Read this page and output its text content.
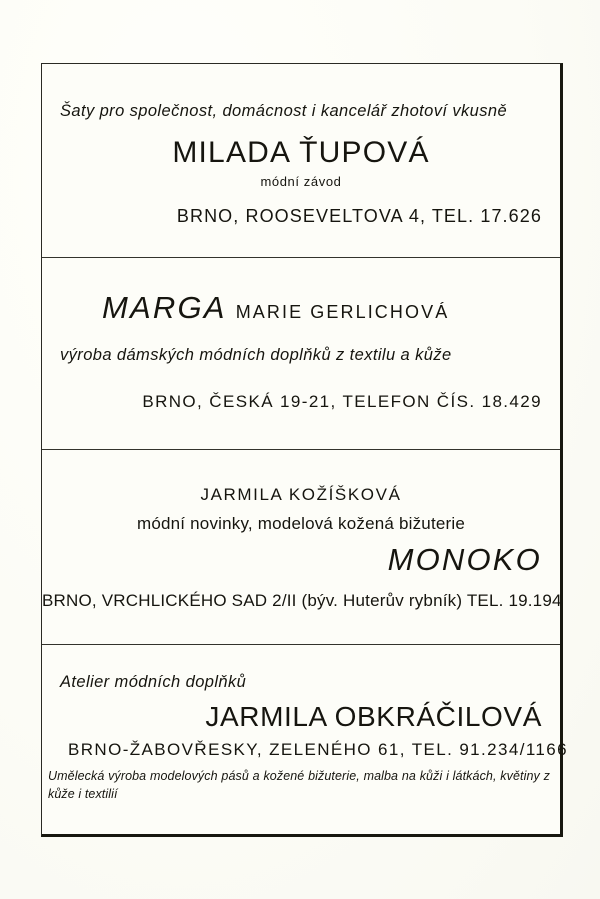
Šaty pro společnost, domácnost i kancelář zhotoví vkusně
MILADA ŤUPOVÁ
módní závod
BRNO, ROOSEVELTOVA 4, TEL. 17.626
MARGA MARIE GERLICHOVÁ
výroba dámských módních doplňků z textilu a kůže
BRNO, ČESKÁ 19-21, TELEFON ČÍS. 18.429
JARMILA KOŽÍŠKOVÁ
módní novinky, modelová kožená bižuterie
MONOKO
BRNO, VRCHLICKÉHO SAD 2/II (býv. Huterův rybník) TEL. 19.194
Atelier módních doplňků
JARMILA OBKRÁČILOVÁ
BRNO-ŽABOVŘESKY, ZELENÉHO 61, TEL. 91.234/1166
Umělecká výroba modelových pásů a kožené bižuterie, malba na kůži i látkách, květiny z kůže i textilií
